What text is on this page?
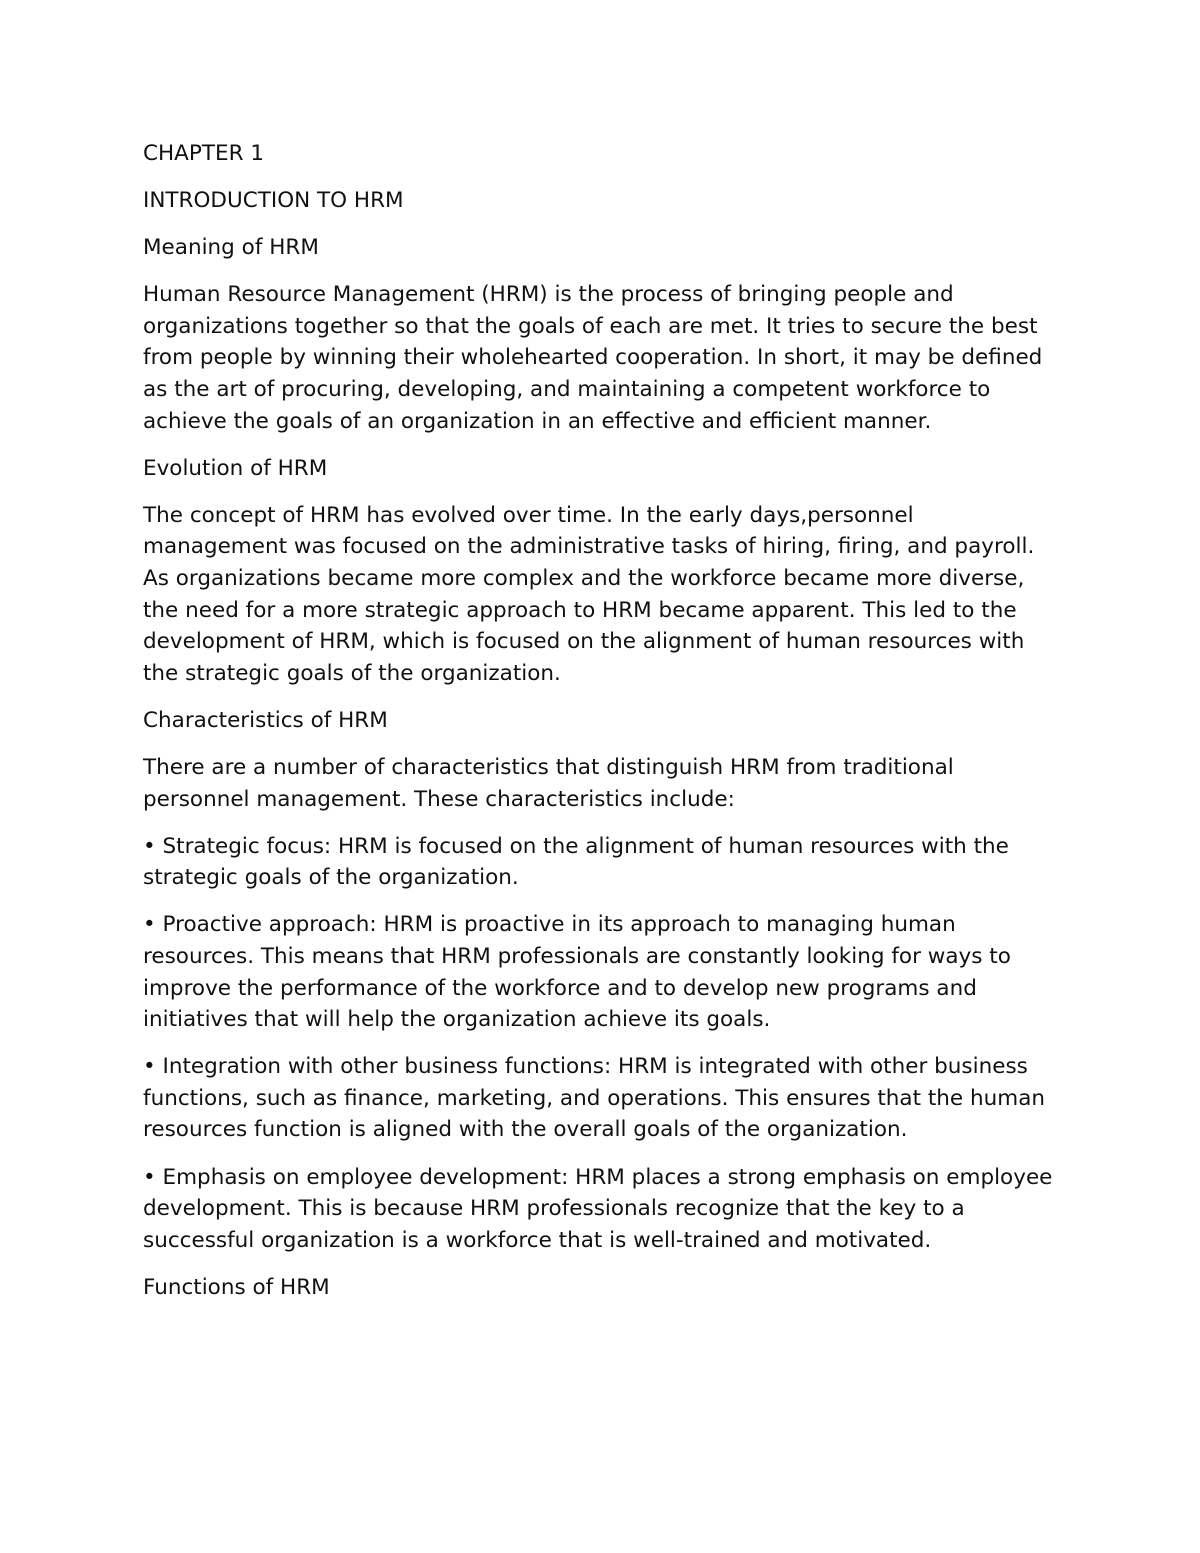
CHAPTER 1

INTRODUCTION TO HRM

Meaning of HRM

Human Resource Management (HRM) is the process of bringing people and organizations together so that the goals of each are met. It tries to secure the best from people by winning their wholehearted cooperation. In short, it may be defined as the art of procuring, developing, and maintaining a competent workforce to achieve the goals of an organization in an effective and efficient manner.

Evolution of HRM

The concept of HRM has evolved over time. In the early days,personnel management was focused on the administrative tasks of hiring, firing, and payroll. As organizations became more complex and the workforce became more diverse, the need for a more strategic approach to HRM became apparent. This led to the development of HRM, which is focused on the alignment of human resources with the strategic goals of the organization.

Characteristics of HRM

There are a number of characteristics that distinguish HRM from traditional personnel management. These characteristics include:

• Strategic focus: HRM is focused on the alignment of human resources with the strategic goals of the organization.

• Proactive approach: HRM is proactive in its approach to managing human resources. This means that HRM professionals are constantly looking for ways to improve the performance of the workforce and to develop new programs and initiatives that will help the organization achieve its goals.

• Integration with other business functions: HRM is integrated with other business functions, such as finance, marketing, and operations. This ensures that the human resources function is aligned with the overall goals of the organization.

• Emphasis on employee development: HRM places a strong emphasis on employee development. This is because HRM professionals recognize that the key to a successful organization is a workforce that is well-trained and motivated.

Functions of HRM
